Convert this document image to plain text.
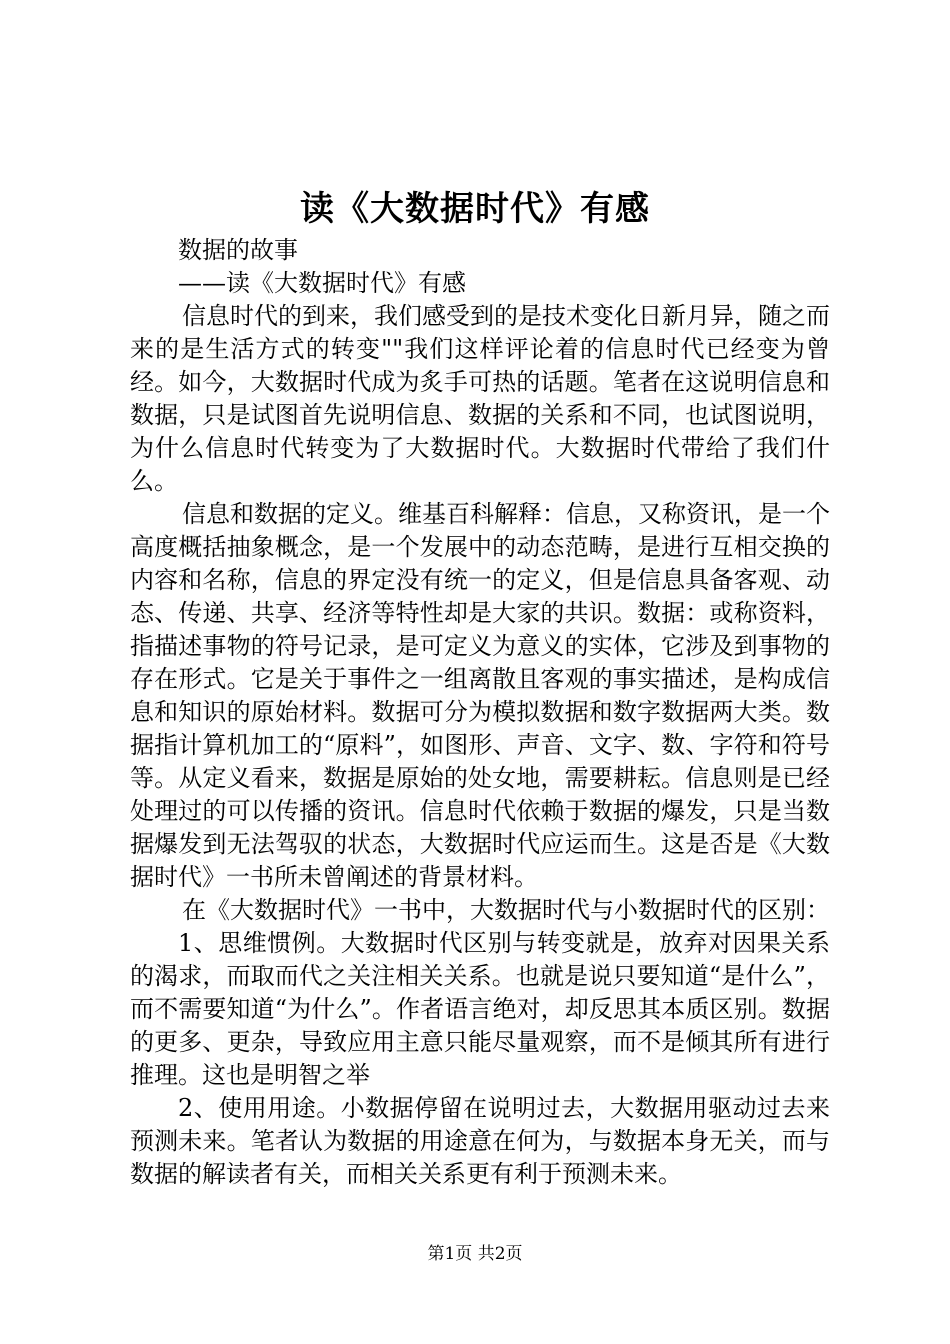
读《大数据时代》有感

数据的故事

——读《大数据时代》有感

信息时代的到来，我们感受到的是技术变化日新月异，随之而来的是生活方式的转变""我们这样评论着的信息时代已经变为曾经。如今，大数据时代成为炙手可热的话题。笔者在这说明信息和数据，只是试图首先说明信息、数据的关系和不同，也试图说明，为什么信息时代转变为了大数据时代。大数据时代带给了我们什么。

信息和数据的定义。维基百科解释：信息，又称资讯，是一个高度概括抽象概念，是一个发展中的动态范畴，是进行互相交换的内容和名称，信息的界定没有统一的定义，但是信息具备客观、动态、传递、共享、经济等特性却是大家的共识。数据：或称资料，指描述事物的符号记录，是可定义为意义的实体，它涉及到事物的存在形式。它是关于事件之一组离散且客观的事实描述，是构成信息和知识的原始材料。数据可分为模拟数据和数字数据两大类。数据指计算机加工的“原料”，如图形、声音、文字、数、字符和符号等。从定义看来，数据是原始的处女地，需要耕耘。信息则是已经处理过的可以传播的资讯。信息时代依赖于数据的爆发，只是当数据爆发到无法驾驭的状态，大数据时代应运而生。这是否是《大数据时代》一书所未曾阐述的背景材料。

在《大数据时代》一书中，大数据时代与小数据时代的区别：

1、思维惯例。大数据时代区别与转变就是，放弃对因果关系的渴求，而取而代之关注相关关系。也就是说只要知道“是什么”，而不需要知道“为什么”。作者语言绝对，却反思其本质区别。数据的更多、更杂，导致应用主意只能尽量观察，而不是倾其所有进行推理。这也是明智之举

2、使用用途。小数据停留在说明过去，大数据用驱动过去来预测未来。笔者认为数据的用途意在何为，与数据本身无关，而与数据的解读者有关，而相关关系更有利于预测未来。

第1页 共2页
